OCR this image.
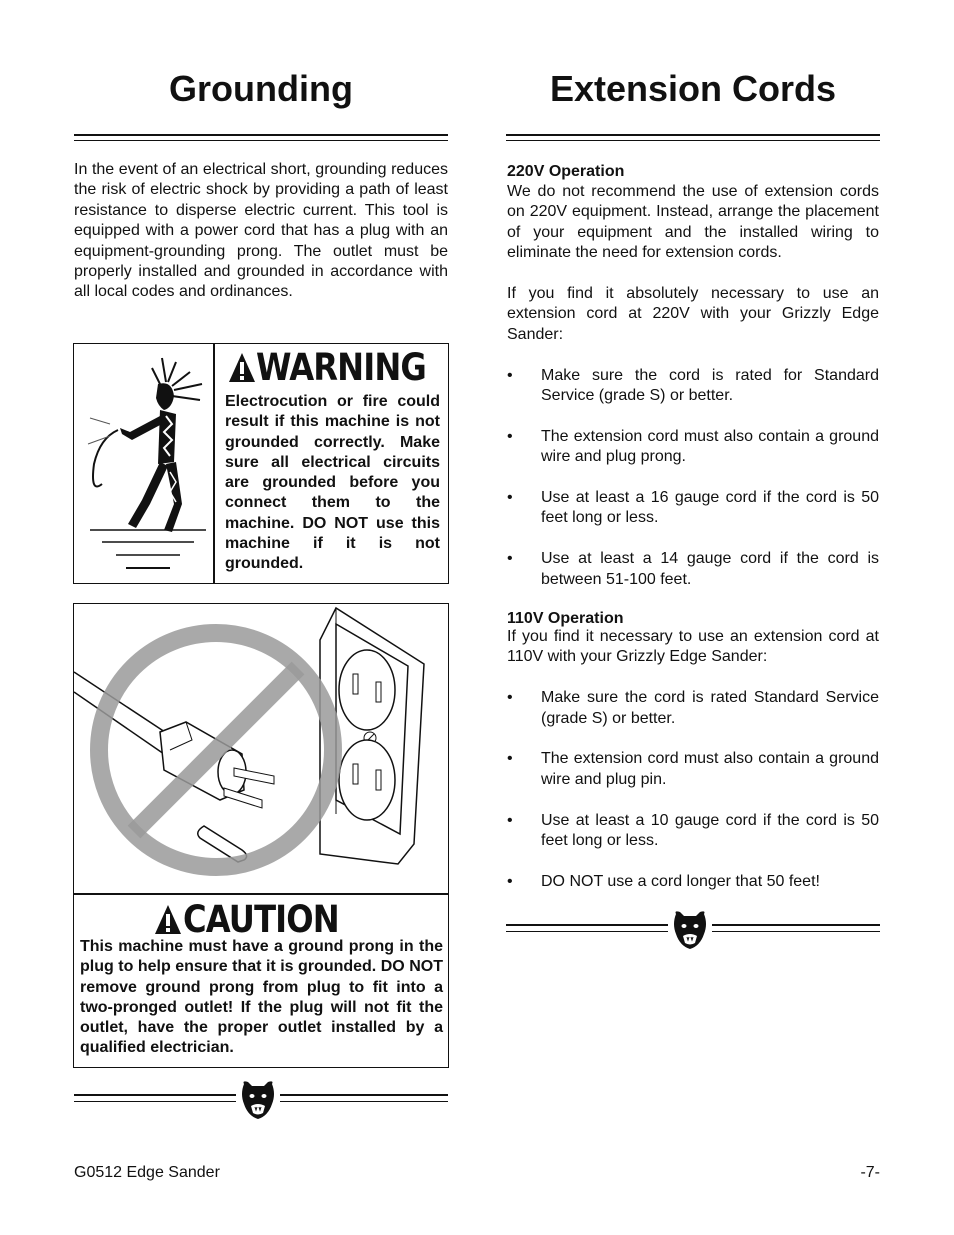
Grounding

In the event of an electrical short, grounding reduces the risk of electric shock by providing a path of least resistance to disperse electric current. This tool is equipped with a power cord that has a plug with an equipment-grounding prong. The outlet must be properly installed and grounded in accordance with all local codes and ordinances.

WARNING

Electrocution or fire could result if this machine is not grounded correctly. Make sure all electrical circuits are grounded before you connect them to the machine. DO NOT use this machine if it is not grounded.

CAUTION

This machine must have a ground prong in the plug to help ensure that it is grounded. DO NOT remove ground prong from plug to fit into a two-pronged outlet! If the plug will not fit the outlet, have the proper outlet installed by a qualified electrician.

Extension Cords

220V Operation

We do not recommend the use of extension cords on 220V equipment. Instead, arrange the placement of your equipment and the installed wiring to eliminate the need for extension cords.

If you find it absolutely necessary to use an extension cord at 220V with your Grizzly Edge Sander:

• Make sure the cord is rated for Standard Service (grade S) or better.
• The extension cord must also contain a ground wire and plug prong.
• Use at least a 16 gauge cord if the cord is 50 feet long or less.
• Use at least a 14 gauge cord if the cord is between 51-100 feet.

110V Operation

If you find it necessary to use an extension cord at 110V with your Grizzly Edge Sander:

• Make sure the cord is rated Standard Service (grade S) or better.
• The extension cord must also contain a ground wire and plug pin.
• Use at least a 10 gauge cord if the cord is 50 feet long or less.
• DO NOT use a cord longer that 50 feet!
G0512 Edge Sander	-7-
